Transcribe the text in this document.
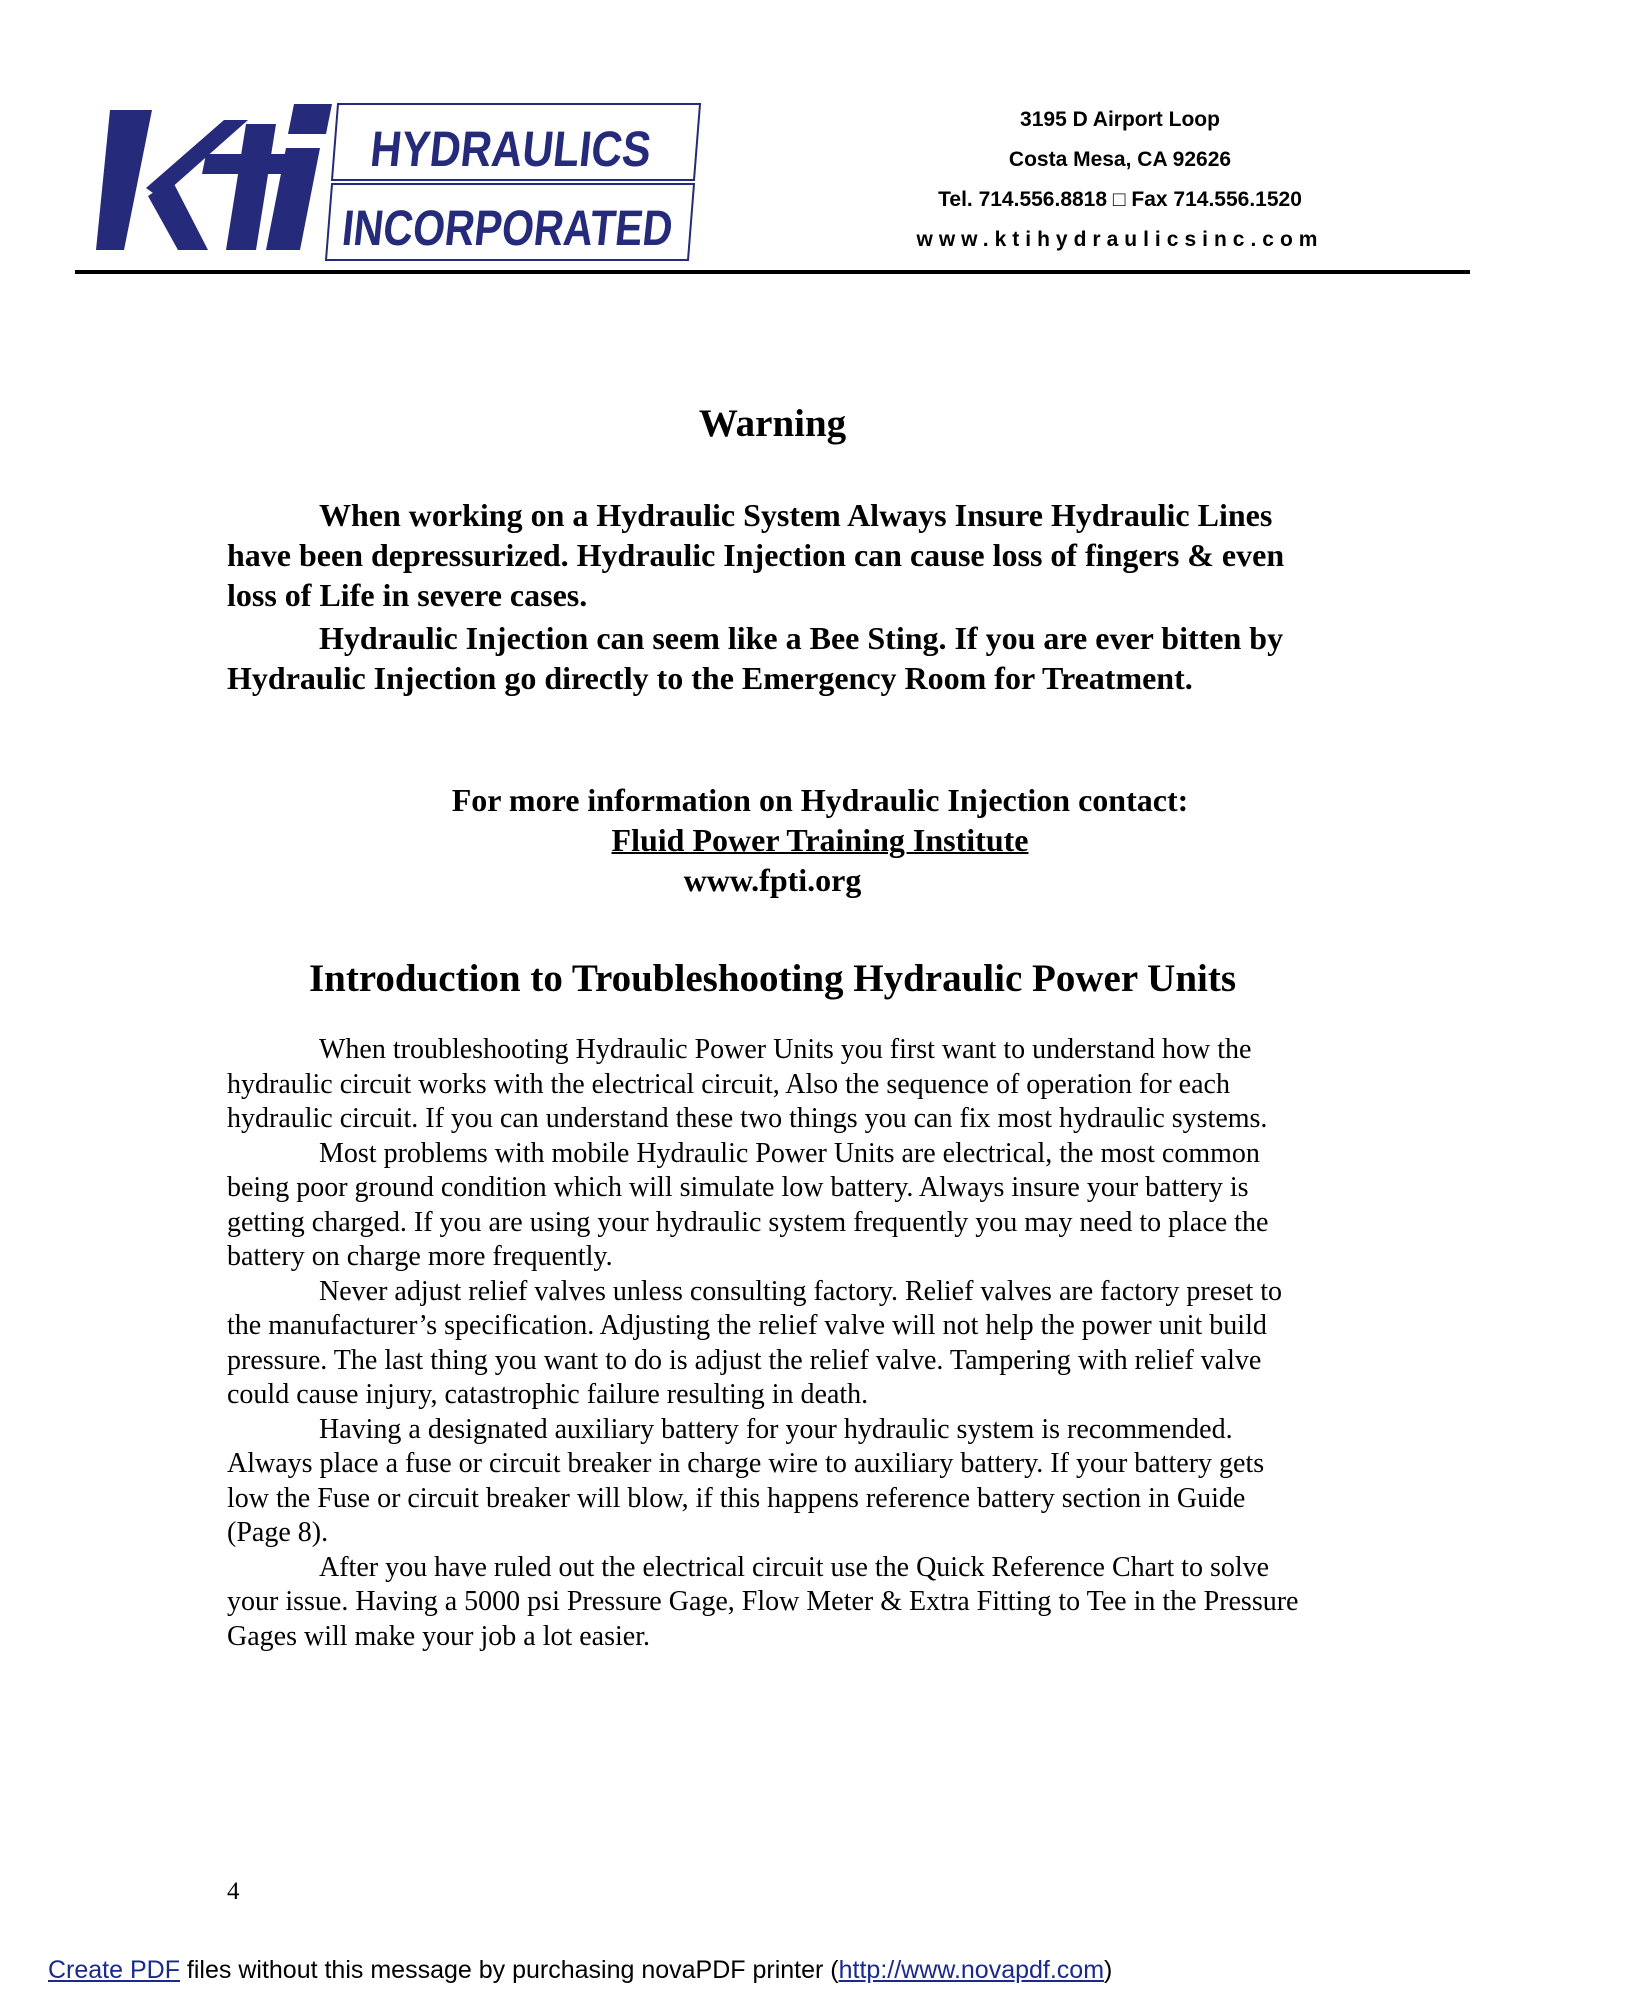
HYDRAULICS
INCORPORATED
3195 D Airport Loop
Costa Mesa, CA 92626
Tel. 714.556.8818 □ Fax 714.556.1520
www.ktihydraulicsinc.com
Warning

When working on a Hydraulic System Always Insure Hydraulic Lines have been depressurized. Hydraulic Injection can cause loss of fingers & even loss of Life in severe cases.

Hydraulic Injection can seem like a Bee Sting. If you are ever bitten by Hydraulic Injection go directly to the Emergency Room for Treatment.

For more information on Hydraulic Injection contact:
Fluid Power Training Institute
www.fpti.org
Introduction to Troubleshooting Hydraulic Power Units

When troubleshooting Hydraulic Power Units you first want to understand how the hydraulic circuit works with the electrical circuit, Also the sequence of operation for each hydraulic circuit. If you can understand these two things you can fix most hydraulic systems.

Most problems with mobile Hydraulic Power Units are electrical, the most common being poor ground condition which will simulate low battery. Always insure your battery is getting charged. If you are using your hydraulic system frequently you may need to place the battery on charge more frequently.

Never adjust relief valves unless consulting factory. Relief valves are factory preset to the manufacturer’s specification. Adjusting the relief valve will not help the power unit build pressure. The last thing you want to do is adjust the relief valve. Tampering with relief valve could cause injury, catastrophic failure resulting in death.

Having a designated auxiliary battery for your hydraulic system is recommended. Always place a fuse or circuit breaker in charge wire to auxiliary battery. If your battery gets low the Fuse or circuit breaker will blow, if this happens reference battery section in Guide (Page 8).

After you have ruled out the electrical circuit use the Quick Reference Chart to solve your issue. Having a 5000 psi Pressure Gage, Flow Meter & Extra Fitting to Tee in the Pressure Gages will make your job a lot easier.

4
Create PDF files without this message by purchasing novaPDF printer (http://www.novapdf.com)
